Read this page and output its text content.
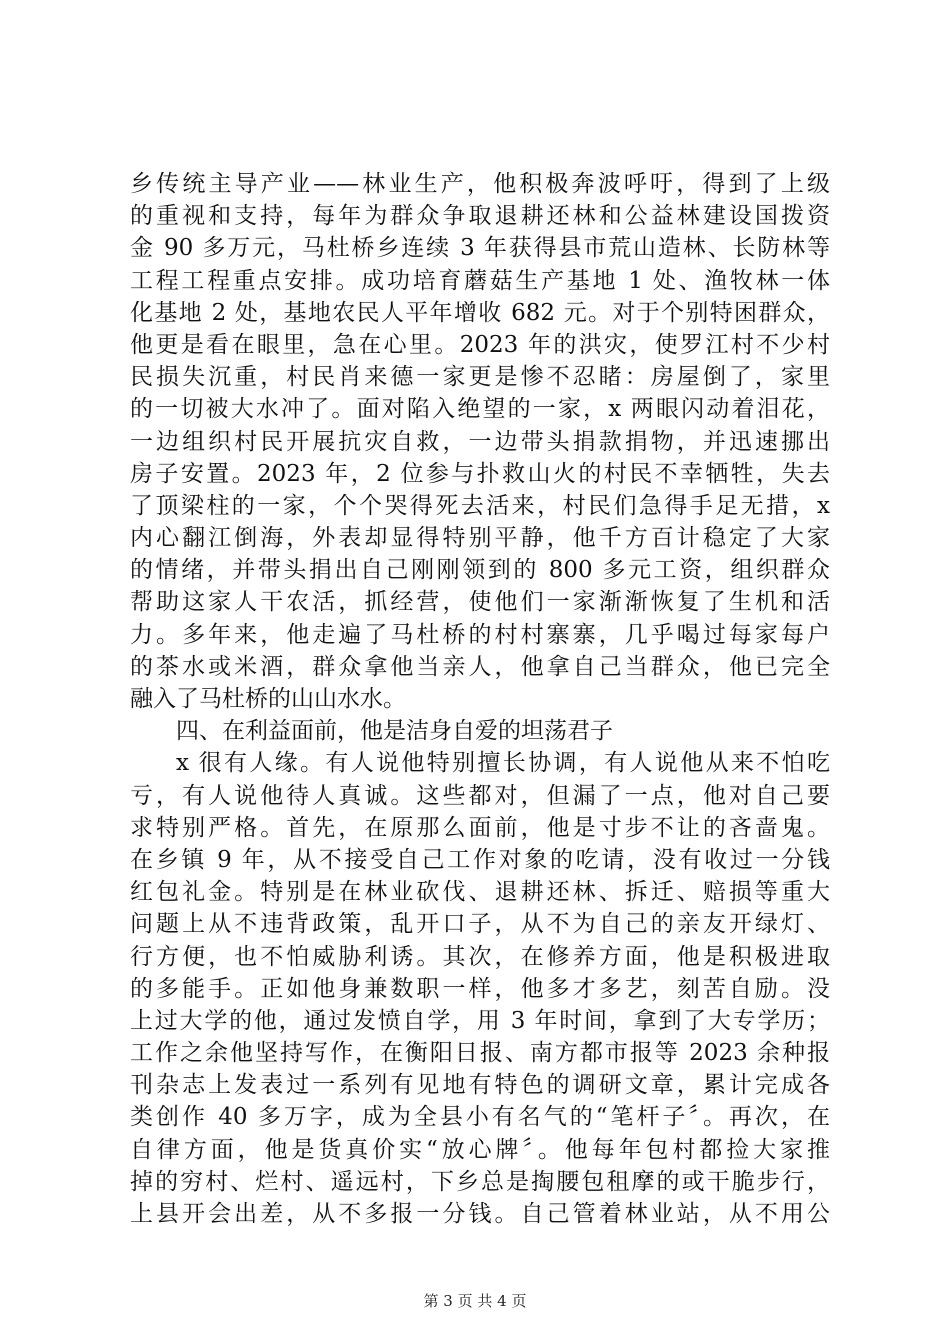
乡传统主导产业——林业生产，他积极奔波呼吁，得到了上级
的重视和支持，每年为群众争取退耕还林和公益林建设国拨资
金 90 多万元，马杜桥乡连续 3 年获得县市荒山造林、长防林等
工程工程重点安排。成功培育蘑菇生产基地 1 处、渔牧林一体
化基地 2 处，基地农民人平年增收 682 元。对于个别特困群众，
他更是看在眼里，急在心里。2023 年的洪灾，使罗江村不少村
民损失沉重，村民肖来德一家更是惨不忍睹：房屋倒了，家里
的一切被大水冲了。面对陷入绝望的一家，x 两眼闪动着泪花，
一边组织村民开展抗灾自救，一边带头捐款捐物，并迅速挪出
房子安置。2023 年，2 位参与扑救山火的村民不幸牺牲，失去
了顶梁柱的一家，个个哭得死去活来，村民们急得手足无措，x
内心翻江倒海，外表却显得特别平静，他千方百计稳定了大家
的情绪，并带头捐出自己刚刚领到的 800 多元工资，组织群众
帮助这家人干农活，抓经营，使他们一家渐渐恢复了生机和活
力。多年来，他走遍了马杜桥的村村寨寨，几乎喝过每家每户
的茶水或米酒，群众拿他当亲人，他拿自己当群众，他已完全
融入了马杜桥的山山水水。
四、在利益面前，他是洁身自爱的坦荡君子
x 很有人缘。有人说他特别擅长协调，有人说他从来不怕吃
亏，有人说他待人真诚。这些都对，但漏了一点，他对自己要
求特别严格。首先，在原那么面前，他是寸步不让的吝啬鬼。
在乡镇 9 年，从不接受自己工作对象的吃请，没有收过一分钱
红包礼金。特别是在林业砍伐、退耕还林、拆迁、赔损等重大
问题上从不违背政策，乱开口子，从不为自己的亲友开绿灯、
行方便，也不怕威胁利诱。其次，在修养方面，他是积极进取
的多能手。正如他身兼数职一样，他多才多艺，刻苦自励。没
上过大学的他，通过发愤自学，用 3 年时间，拿到了大专学历；
工作之余他坚持写作，在衡阳日报、南方都市报等 2023 余种报
刊杂志上发表过一系列有见地有特色的调研文章，累计完成各
类创作 40 多万字，成为全县小有名气的“笔杆子〞。再次，在
自律方面，他是货真价实“放心牌〞。他每年包村都捡大家推
掉的穷村、烂村、遥远村，下乡总是掏腰包租摩的或干脆步行，
上县开会出差，从不多报一分钱。自己管着林业站，从不用公
第 3 页 共 4 页
